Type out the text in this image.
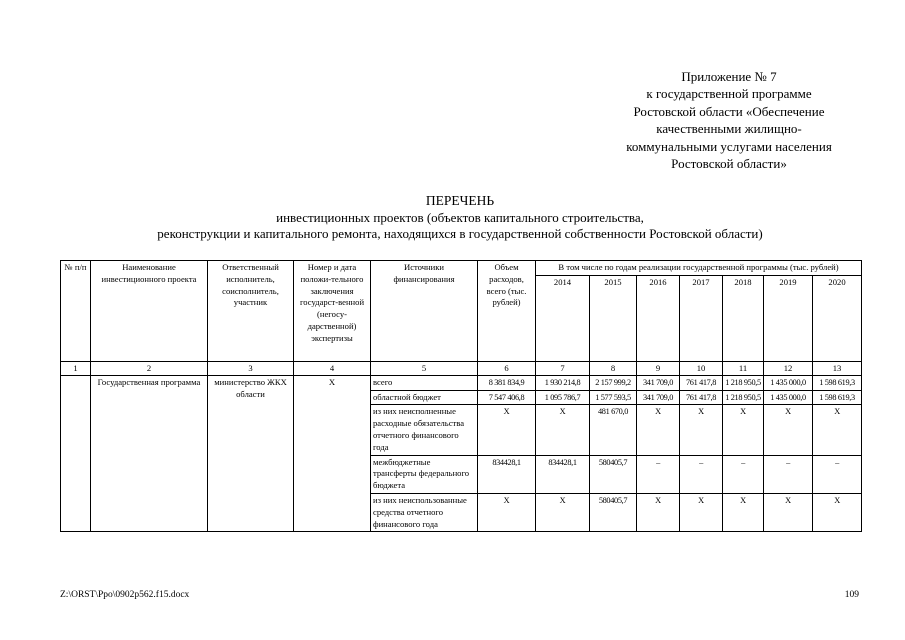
Приложение № 7
к государственной программе
Ростовской области «Обеспечение
качественными жилищно-
коммунальными услугами населения
Ростовской области»
ПЕРЕЧЕНЬ
инвестиционных проектов (объектов капитального строительства,
реконструкции и капитального ремонта, находящихся в государственной собственности Ростовской области)
№ п/п	Наименование инвестиционного проекта	Ответственный исполнитель, соисполнитель, участник	Номер и дата положи-тельного заключения государст-венной (негосу-дарственной) экспертизы	Источники финансирования	Объем расходов, всего (тыс. рублей)	В том числе по годам реализации государственной программы (тыс. рублей)						
						2014	2015	2016	2017	2018	2019	2020
1	2	3	4	5	6	7	8	9	10	11	12	13
	Государственная программа	министерство ЖКХ области	Х	всего	8 381 834,9	1 930 214,8	2 157 999,2	341 709,0	761 417,8	1 218 950,5	1 435 000,0	1 598 619,3
				областной бюджет	7 547 406,8	1 095 786,7	1 577 593,5	341 709,0	761 417,8	1 218 950,5	1 435 000,0	1 598 619,3
				из них неисполненные расходные обязательства отчетного финансового года	Х	Х	481 670,0	Х	Х	Х	Х	Х
				межбюджетные трансферты федерального бюджета	834428,1	834428,1	580405,7	–	–	–	–	–
				из них неиспользованные средства отчетного финансового года	Х	Х	580405,7	Х	Х	Х	Х	Х
Z:\ORST\Ppo\0902p562.f15.docx	109
